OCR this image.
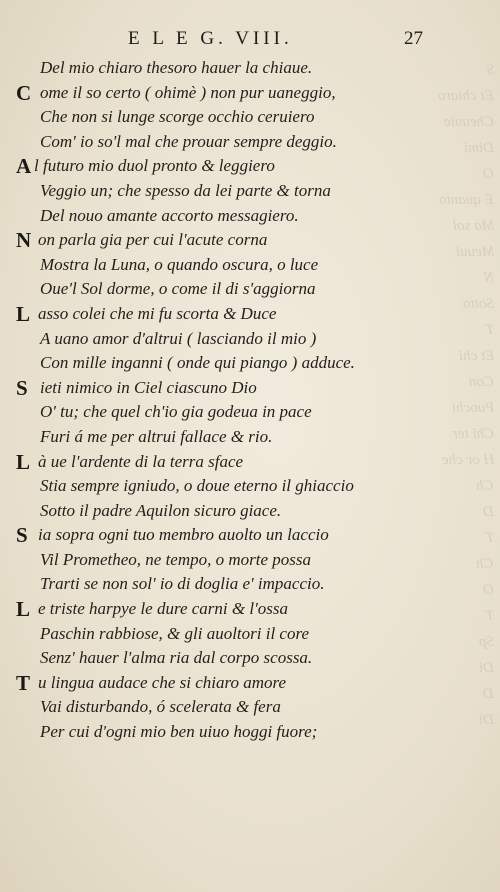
S
Et chiaro
Cheuuie
Dimi
O
E quanto
Ma sol
Meuui
N
Sotto
T
Et chi
Con
Puochi
Chi ter
H or che
Ch
D
T
Ch
O
T
Sp
Di
D
Di
E L E G. VIII.	27
Del mio chiaro thesoro hauer la chiaue.
C ome il so certo ( ohimè ) non pur uaneggio,
Che non si lunge scorge occhio ceruiero
Com' io so'l mal che prouar sempre deggio.
A l futuro mio duol pronto & leggiero
Veggio un; che spesso da lei parte & torna
Del nouo amante accorto messagiero.
N on parla gia per cui l'acute corna
Mostra la Luna, o quando oscura, o luce
Oue'l Sol dorme, o come il di s'aggiorna
L asso colei che mi fu scorta & Duce
A uano amor d'altrui ( lasciando il mio )
Con mille inganni ( onde qui piango ) adduce.
S ieti nimico in Ciel ciascuno Dio
O' tu; che quel ch'io gia godeua in pace
Furi á me per altrui fallace & rio.
L à ue l'ardente di la terra sface
Stia sempre igniudo, o doue eterno il ghiaccio
Sotto il padre Aquilon sicuro giace.
S ia sopra ogni tuo membro auolto un laccio
Vil Prometheo, ne tempo, o morte possa
Trarti se non sol' io di doglia e' impaccio.
L e triste harpye le dure carni & l'ossa
Paschin rabbiose, & gli auoltori il core
Senz' hauer l'alma ria dal corpo scossa.
T u lingua audace che si chiaro amore
Vai disturbando, ó scelerata & fera
Per cui d'ogni mio ben uiuo hoggi fuore;
